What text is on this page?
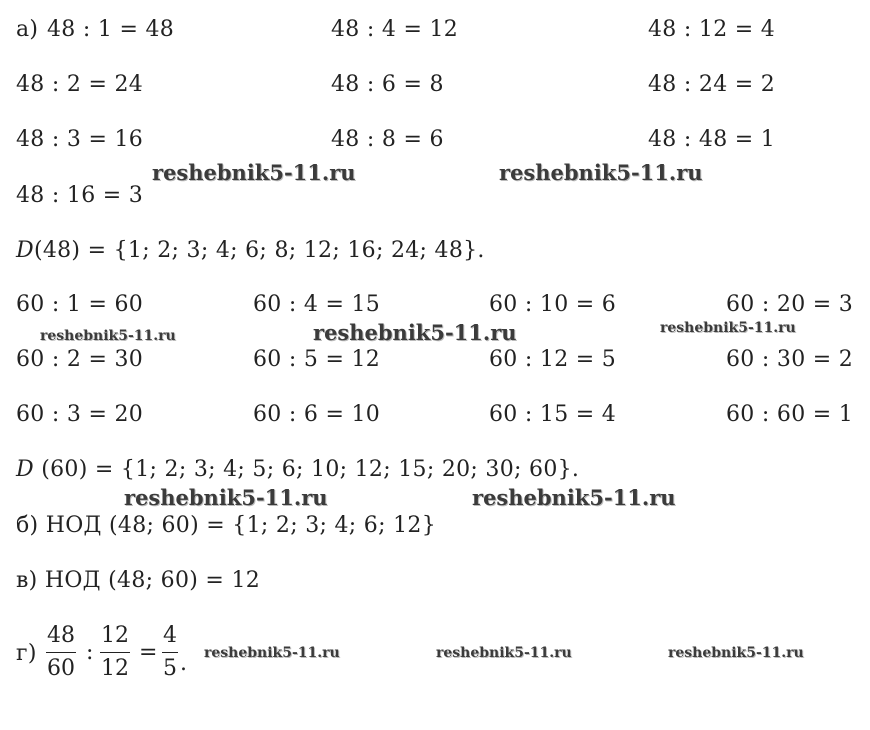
а) 48 : 1 = 48	48 : 4 = 12	48 : 12 = 4
48 : 2 = 24	48 : 6 = 8	48 : 24 = 2
48 : 3 = 16	48 : 8 = 6	48 : 48 = 1
48 : 16 = 3
D(48) = {1; 2; 3; 4; 6; 8; 12; 16; 24; 48}.
60 : 1 = 60	60 : 4 = 15	60 : 10 = 6	60 : 20 = 3
60 : 2 = 30	60 : 5 = 12	60 : 12 = 5	60 : 30 = 2
60 : 3 = 20	60 : 6 = 10	60 : 15 = 4	60 : 60 = 1
D (60) = {1; 2; 3; 4; 5; 6; 10; 12; 15; 20; 30; 60}.
б) НОД (48; 60) = {1; 2; 3; 4; 6; 12}
в) НОД (48; 60) = 12
$г) \frac{48}{60}$ : $\frac{12}{12} = \frac{4}{5}$ .
reshebnik5-11.ru	reshebnik5-11.ru
reshebnik5-11.ru	reshebnik5-11.ru	reshebnik5-11.ru
reshebnik5-11.ru	reshebnik5-11.ru
reshebnik5-11.ru	reshebnik5-11.ru	reshebnik5-11.ru
